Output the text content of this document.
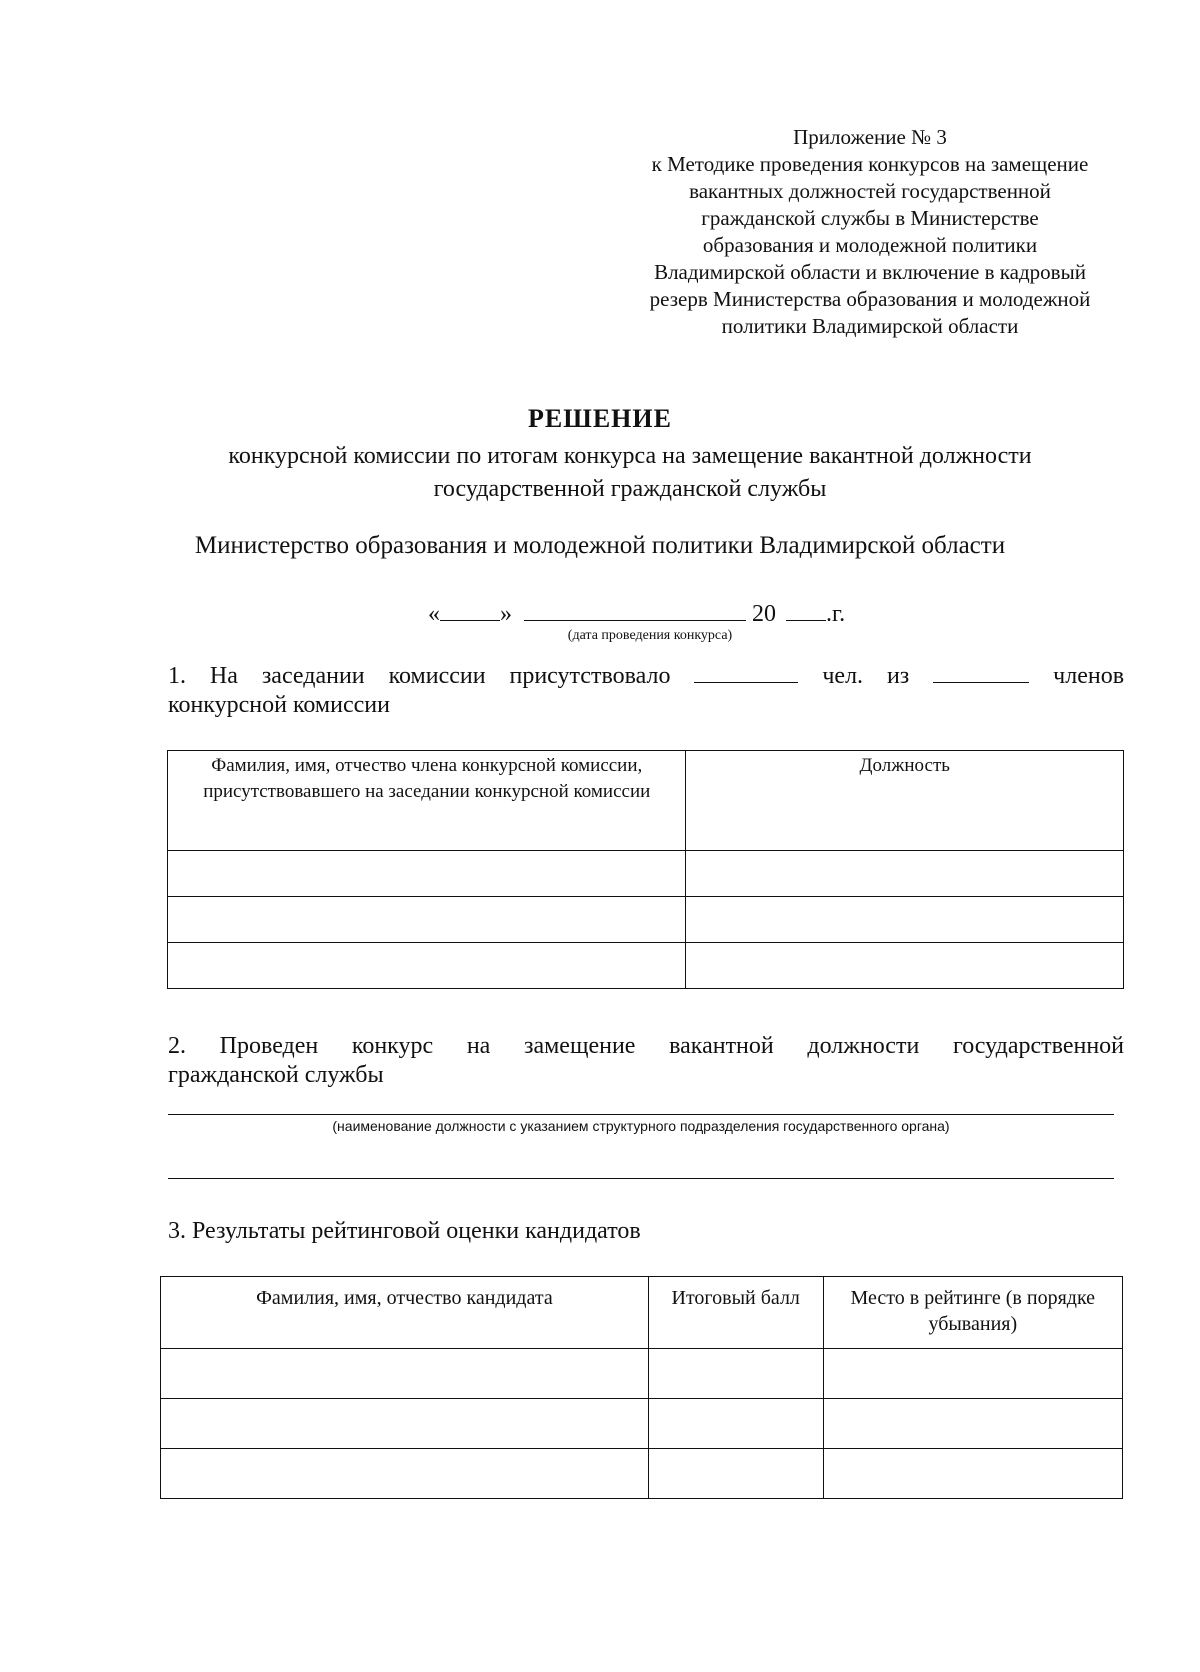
Приложение № 3
к Методике проведения конкурсов на замещение
вакантных должностей государственной
гражданской службы в Министерстве
образования и молодежной политики
Владимирской области и включение в кадровый
резерв Министерства образования и молодежной
политики Владимирской области
РЕШЕНИЕ
конкурсной комиссии по итогам конкурса на замещение вакантной должности государственной гражданской службы
Министерство образования и молодежной политики Владимирской области
«	»	20 .г.
(дата проведения конкурса)
1. На заседании комиссии присутствовало	чел. из	членов
конкурсной комиссии
Фамилия, имя, отчество члена конкурсной комиссии, присутствовавшего на заседании конкурсной комиссии	Должность

2. Проведен конкурс на замещение вакантной должности государственной
гражданской службы
(наименование должности с указанием структурного подразделения государственного органа)
3. Результаты рейтинговой оценки кандидатов
Фамилия, имя, отчество кандидата	Итоговый балл	Место в рейтинге (в порядке убывания)
